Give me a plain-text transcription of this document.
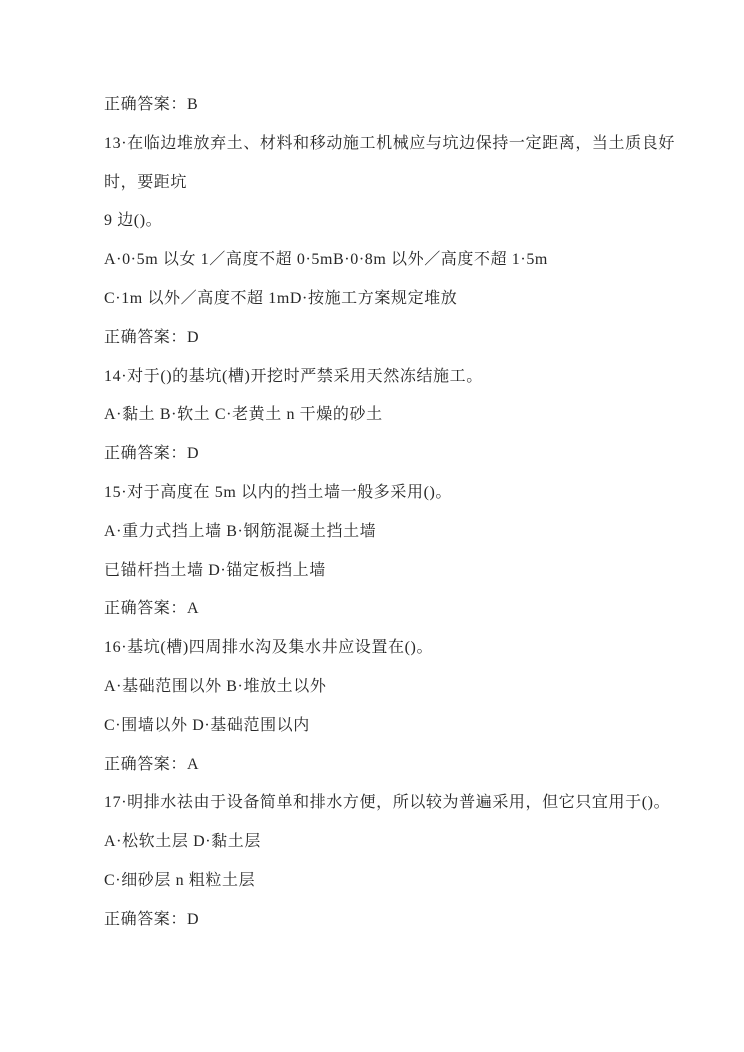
正确答案：B

13·在临边堆放弃土、材料和移动施工机械应与坑边保持一定距离，当土质良好

时，要距坑

9 边()。

A·0·5m 以女 1／高度不超 0·5mB·0·8m 以外／高度不超 1·5m

C·1m 以外／高度不超 1mD·按施工方案规定堆放

正确答案：D

14·对于()的基坑(槽)开挖时严禁采用天然冻结施工。

A·黏土 B·软土 C·老黄土 n 干燥的砂土

正确答案：D

15·对于高度在 5m 以内的挡土墙一般多采用()。

A·重力式挡上墙 B·钢筋混凝土挡土墙

已锚杆挡土墙 D·锚定板挡上墙

正确答案：A

16·基坑(槽)四周排水沟及集水井应设置在()。

A·基础范围以外 B·堆放土以外

C·围墙以外 D·基础范围以内

正确答案：A

17·明排水祛由于设备简单和排水方便，所以较为普遍采用，但它只宜用于()。

A·松软土层 D·黏土层

C·细砂层 n 粗粒土层

正确答案：D
